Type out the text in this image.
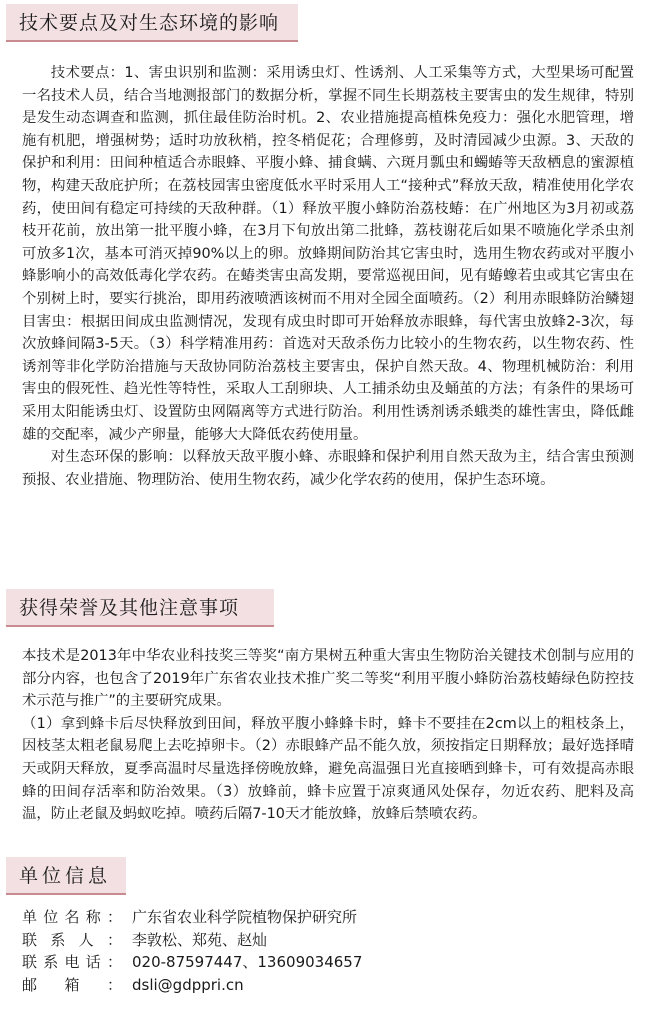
技术要点及对生态环境的影响

技术要点：1、害虫识别和监测：采用诱虫灯、性诱剂、人工采集等方式，大型果场可配置一名技术人员，结合当地测报部门的数据分析，掌握不同生长期荔枝主要害虫的发生规律，特别是发生动态调查和监测，抓住最佳防治时机。2、农业措施提高植株免疫力：强化水肥管理，增施有机肥，增强树势；适时功放秋梢，控冬梢促花；合理修剪，及时清园减少虫源。3、天敌的保护和利用：田间种植适合赤眼蜂、平腹小蜂、捕食螨、六斑月瓢虫和蠋蝽等天敌栖息的蜜源植物，构建天敌庇护所；在荔枝园害虫密度低水平时采用人工“接种式”释放天敌，精准使用化学农药，使田间有稳定可持续的天敌种群。（1）释放平腹小蜂防治荔枝蝽：在广州地区为3月初或荔枝开花前，放出第一批平腹小蜂，在3月下旬放出第二批蜂，荔枝谢花后如果不喷施化学杀虫剂可放多1次，基本可消灭掉90%以上的卵。放蜂期间防治其它害虫时，选用生物农药或对平腹小蜂影响小的高效低毒化学农药。在蝽类害虫高发期，要常巡视田间，见有蝽蟓若虫或其它害虫在个别树上时，要实行挑治，即用药液喷洒该树而不用对全园全面喷药。（2）利用赤眼蜂防治鳞翅目害虫：根据田间成虫监测情况，发现有成虫时即可开始释放赤眼蜂，每代害虫放蜂2-3次，每次放蜂间隔3-5天。（3）科学精准用药：首选对天敌杀伤力比较小的生物农药，以生物农药、性诱剂等非化学防治措施与天敌协同防治荔枝主要害虫，保护自然天敌。4、物理机械防治：利用害虫的假死性、趋光性等特性，采取人工刮卵块、人工捕杀幼虫及蛹茧的方法；有条件的果场可采用太阳能诱虫灯、设置防虫网隔离等方式进行防治。利用性诱剂诱杀蛾类的雄性害虫，降低雌雄的交配率，减少产卵量，能够大大降低农药使用量。

对生态环保的影响：以释放天敌平腹小蜂、赤眼蜂和保护利用自然天敌为主，结合害虫预测预报、农业措施、物理防治、使用生物农药，减少化学农药的使用，保护生态环境。

获得荣誉及其他注意事项

本技术是2013年中华农业科技奖三等奖“南方果树五种重大害虫生物防治关键技术创制与应用的部分内容，也包含了2019年广东省农业技术推广奖二等奖“利用平腹小蜂防治荔枝蝽绿色防控技术示范与推广”的主要研究成果。

（1）拿到蜂卡后尽快释放到田间，释放平腹小蜂蜂卡时，蜂卡不要挂在2cm以上的粗枝条上，因枝茎太粗老鼠易爬上去吃掉卵卡。（2）赤眼蜂产品不能久放，须按指定日期释放；最好选择晴天或阴天释放，夏季高温时尽量选择傍晚放蜂，避免高温强日光直接晒到蜂卡，可有效提高赤眼蜂的田间存活率和防治效果。（3）放蜂前，蜂卡应置于凉爽通风处保存，勿近农药、肥料及高温，防止老鼠及蚂蚁吃掉。喷药后隔7-10天才能放蜂，放蜂后禁喷农药。

单位信息
单 位 名 称 ： 广东省农业科学院植物保护研究所
联 系 人 ： 李敦松、郑苑、赵灿
联 系 电 话 ： 020-87597447、13609034657
邮 箱 ： dsli@gdppri.cn
